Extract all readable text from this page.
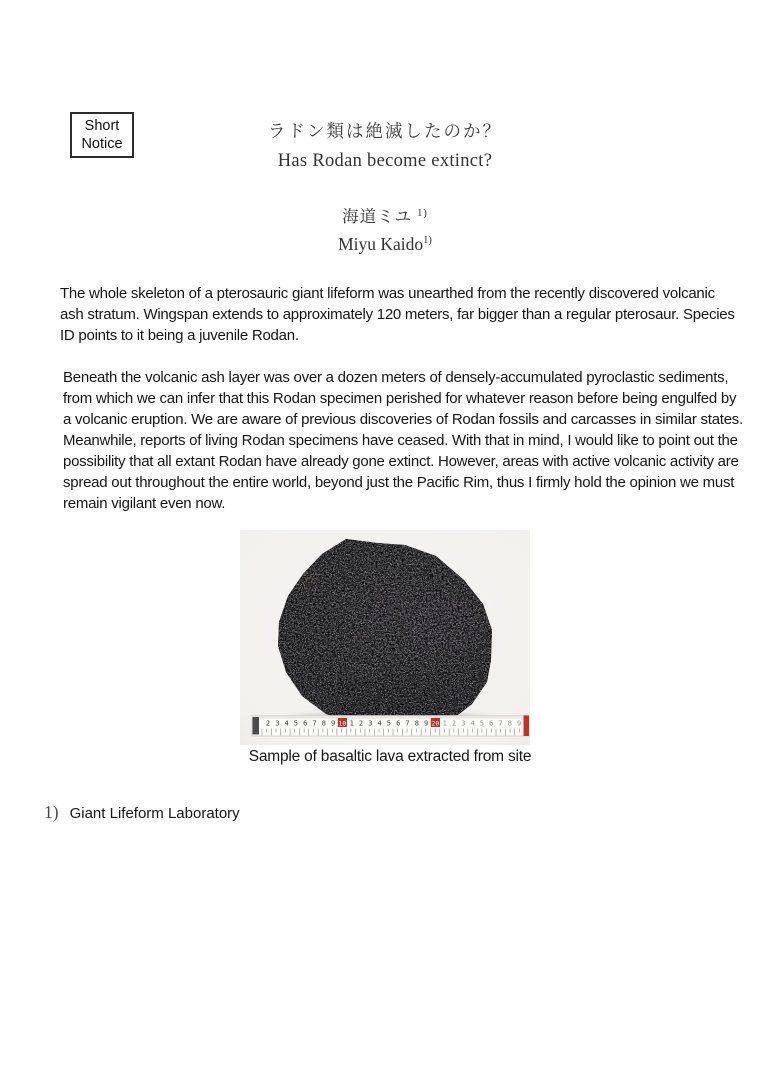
Short
Notice
ラドン類は絶滅したのか？
Has Rodan become extinct?
海道ミユ $^{1)}$
Miyu Kaido$^{1)}$

The whole skeleton of a pterosauric giant lifeform was unearthed from the recently discovered volcanic ash stratum. Wingspan extends to approximately 120 meters, far bigger than a regular pterosaur. Species ID points to it being a juvenile Rodan.

Beneath the volcanic ash layer was over a dozen meters of densely-accumulated pyroclastic sediments, from which we can infer that this Rodan specimen perished for whatever reason before being engulfed by a volcanic eruption. We are aware of previous discoveries of Rodan fossils and carcasses in similar states. Meanwhile, reports of living Rodan specimens have ceased. With that in mind, I would like to point out the possibility that all extant Rodan have already gone extinct. However, areas with active volcanic activity are spread out throughout the entire world, beyond just the Pacific Rim, thus I firmly hold the opinion we must remain vigilant even now.

2 3 4 5 6 7 8 9 10 1 2 3 4 5 6 7 8 9 20 1 2 3 4 5 6 7 8 9
Sample of basaltic lava extracted from site
1) Giant Lifeform Laboratory
